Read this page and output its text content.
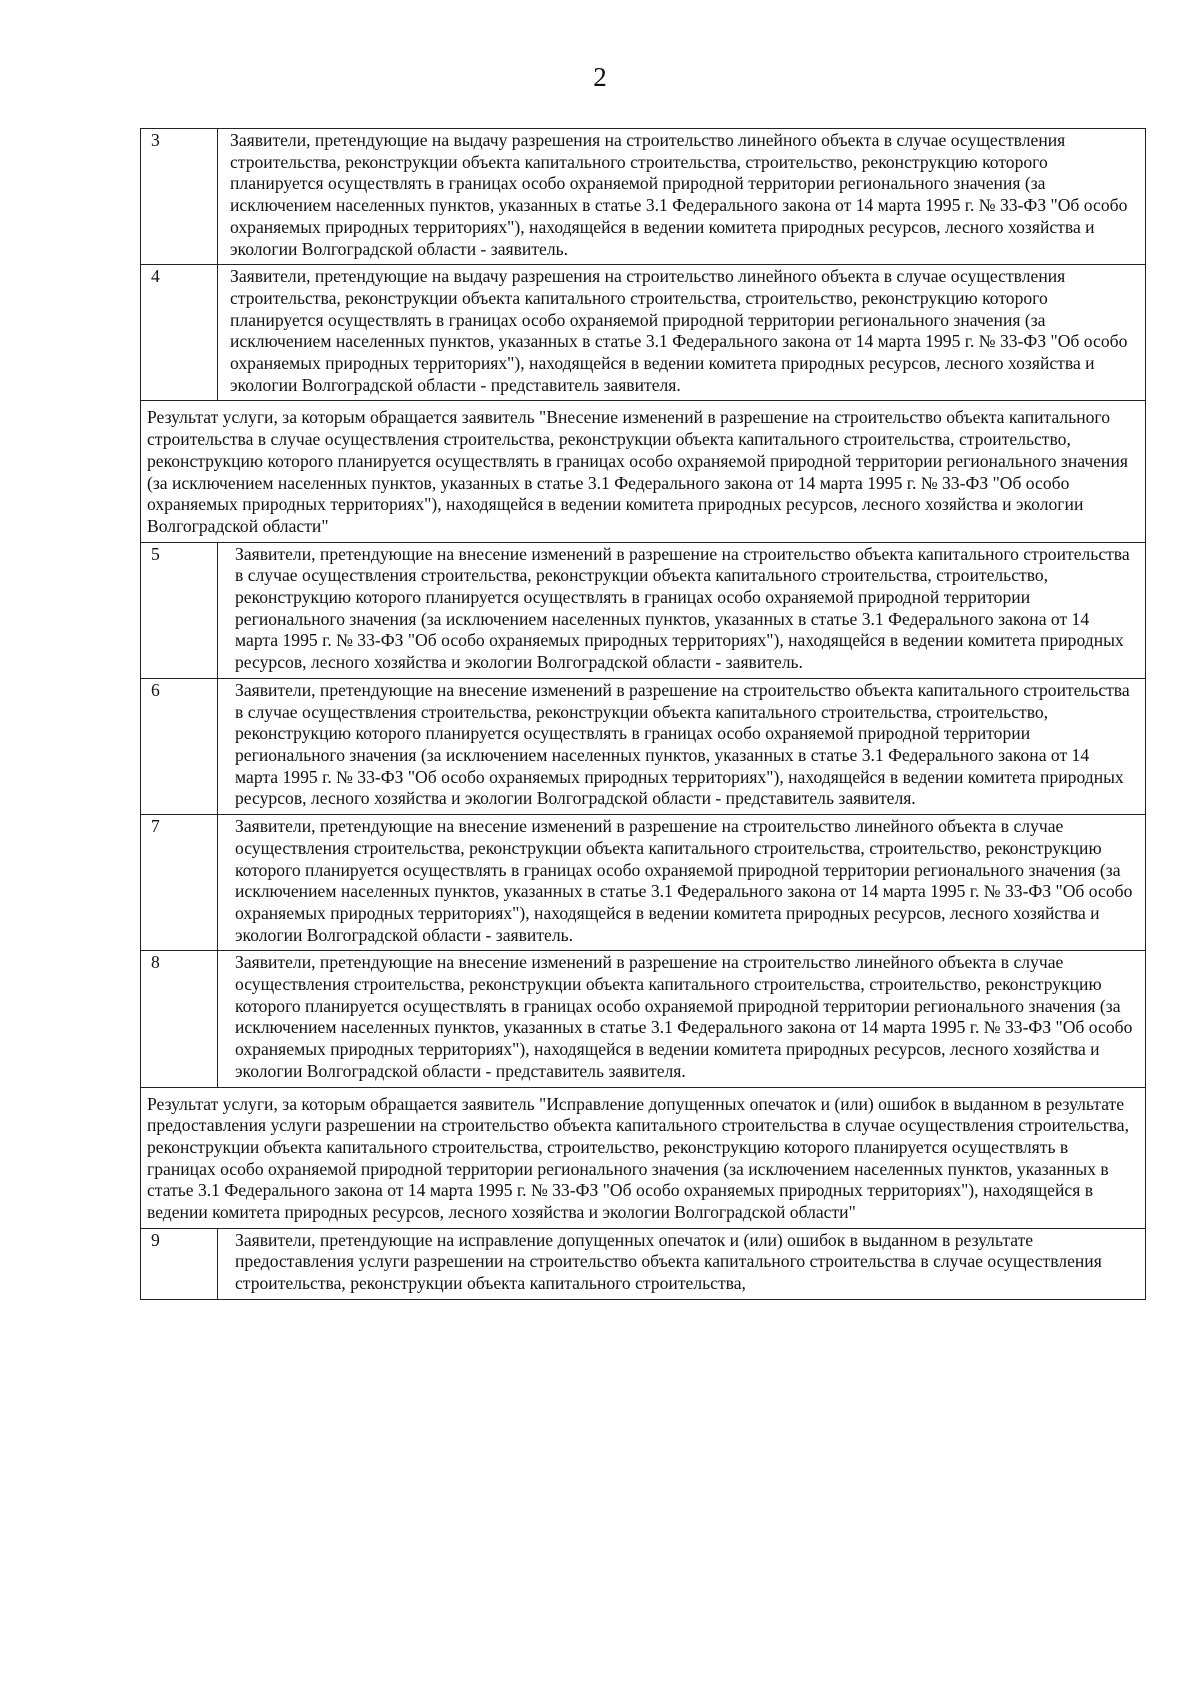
2
3	Заявители, претендующие на выдачу разрешения на строительство линейного объекта в случае осуществления строительства, реконструкции объекта капитального строительства, строительство, реконструкцию которого планируется осуществлять в границах особо охраняемой природной территории регионального значения (за исключением населенных пунктов, указанных в статье 3.1 Федерального закона от 14 марта 1995 г. № 33-ФЗ "Об особо охраняемых природных территориях"), находящейся в ведении комитета природных ресурсов, лесного хозяйства и экологии Волгоградской области - заявитель.
4	Заявители, претендующие на выдачу разрешения на строительство линейного объекта в случае осуществления строительства, реконструкции объекта капитального строительства, строительство, реконструкцию которого планируется осуществлять в границах особо охраняемой природной территории регионального значения (за исключением населенных пунктов, указанных в статье 3.1 Федерального закона от 14 марта 1995 г. № 33-ФЗ "Об особо охраняемых природных территориях"), находящейся в ведении комитета природных ресурсов, лесного хозяйства и экологии Волгоградской области - представитель заявителя.
Результат услуги, за которым обращается заявитель "Внесение изменений в разрешение на строительство объекта капитального строительства в случае осуществления строительства, реконструкции объекта капитального строительства, строительство, реконструкцию которого планируется осуществлять в границах особо охраняемой природной территории регионального значения (за исключением населенных пунктов, указанных в статье 3.1 Федерального закона от 14 марта 1995 г. № 33-ФЗ "Об особо охраняемых природных территориях"), находящейся в ведении комитета природных ресурсов, лесного хозяйства и экологии Волгоградской области"	
5	Заявители, претендующие на внесение изменений в разрешение на строительство объекта капитального строительства в случае осуществления строительства, реконструкции объекта капитального строительства, строительство, реконструкцию которого планируется осуществлять в границах особо охраняемой природной территории регионального значения (за исключением населенных пунктов, указанных в статье 3.1 Федерального закона от 14 марта 1995 г. № 33-ФЗ "Об особо охраняемых природных территориях"), находящейся в ведении комитета природных ресурсов, лесного хозяйства и экологии Волгоградской области - заявитель.
6	Заявители, претендующие на внесение изменений в разрешение на строительство объекта капитального строительства в случае осуществления строительства, реконструкции объекта капитального строительства, строительство, реконструкцию которого планируется осуществлять в границах особо охраняемой природной территории регионального значения (за исключением населенных пунктов, указанных в статье 3.1 Федерального закона от 14 марта 1995 г. № 33-ФЗ "Об особо охраняемых природных территориях"), находящейся в ведении комитета природных ресурсов, лесного хозяйства и экологии Волгоградской области - представитель заявителя.
7	Заявители, претендующие на внесение изменений в разрешение на строительство линейного объекта в случае осуществления строительства, реконструкции объекта капитального строительства, строительство, реконструкцию которого планируется осуществлять в границах особо охраняемой природной территории регионального значения (за исключением населенных пунктов, указанных в статье 3.1 Федерального закона от 14 марта 1995 г. № 33-ФЗ "Об особо охраняемых природных территориях"), находящейся в ведении комитета природных ресурсов, лесного хозяйства и экологии Волгоградской области - заявитель.
8	Заявители, претендующие на внесение изменений в разрешение на строительство линейного объекта в случае осуществления строительства, реконструкции объекта капитального строительства, строительство, реконструкцию которого планируется осуществлять в границах особо охраняемой природной территории регионального значения (за исключением населенных пунктов, указанных в статье 3.1 Федерального закона от 14 марта 1995 г. № 33-ФЗ "Об особо охраняемых природных территориях"), находящейся в ведении комитета природных ресурсов, лесного хозяйства и экологии Волгоградской области - представитель заявителя.
Результат услуги, за которым обращается заявитель "Исправление допущенных опечаток и (или) ошибок в выданном в результате предоставления услуги разрешении на строительство объекта капитального строительства в случае осуществления строительства, реконструкции объекта капитального строительства, строительство, реконструкцию которого планируется осуществлять в границах особо охраняемой природной территории регионального значения (за исключением населенных пунктов, указанных в статье 3.1 Федерального закона от 14 марта 1995 г. № 33-ФЗ "Об особо охраняемых природных территориях"), находящейся в ведении комитета природных ресурсов, лесного хозяйства и экологии Волгоградской области"	
9	Заявители, претендующие на исправление допущенных опечаток и (или) ошибок в выданном в результате предоставления услуги разрешении на строительство объекта капитального строительства в случае осуществления строительства, реконструкции объекта капитального строительства,
